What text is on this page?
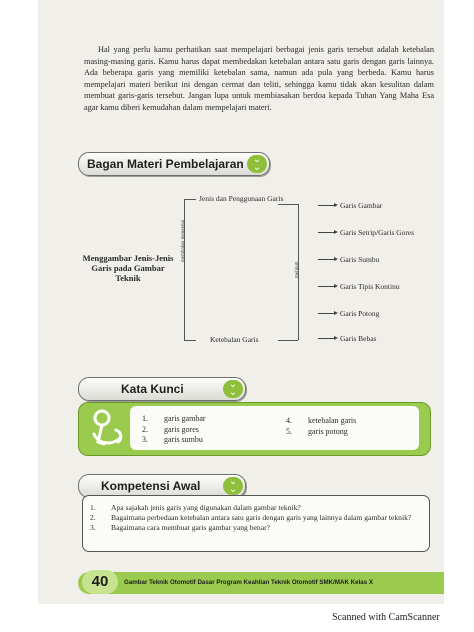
Hal yang perlu kamu perhatikan saat mempelajari berbagai jenis garis tersebut adalah ketebalan masing-masing garis. Kamu harus dapat membedakan ketebalan antara satu garis dengan garis lainnya. Ada beberapa garis yang memiliki ketebalan sama, namun ada pula yang berbeda. Kamu harus mempelajari materi berikut ini dengan cermat dan teliti, sehingga kamu tidak akan kesulitan dalam membuat garis-garis tersebut. Jangan lupa untuk membiasakan berdoa kepada Tuhan Yang Maha Esa agar kamu diberi kemudahan dalam mempelajari materi.

Bagan Materi Pembelajaran ⌄
⌄
Menggambar Jenis-Jenis Garis pada Gambar Teknik
membahas mengenai
Jenis dan Penggunaan Garis
Ketebalan Garis
meliputi
Garis Gambar
Garis Setrip/Garis Gores
Garis Sumbu
Garis Tipis Kontinu
Garis Potong
Garis Bebas
Kata Kunci	⌄
⌄
1.	garis gambar
2.	garis gores
3.	garis sumbu
4.	ketebalan garis
5.	garis potong
Kompetensi Awal	⌄
⌄
1.	Apa sajakah jenis garis yang digunakan dalam gambar teknik?
2.	Bagaimana perbedaan ketebalan antara satu garis dengan garis yang lainnya dalam gambar teknik?
3.	Bagaimana cara membuat garis gambar yang benar?
40	Gambar Teknik Otomotif Dasar Program Keahlian Teknik Otomotif SMK/MAK Kelas X
Scanned with CamScanner
